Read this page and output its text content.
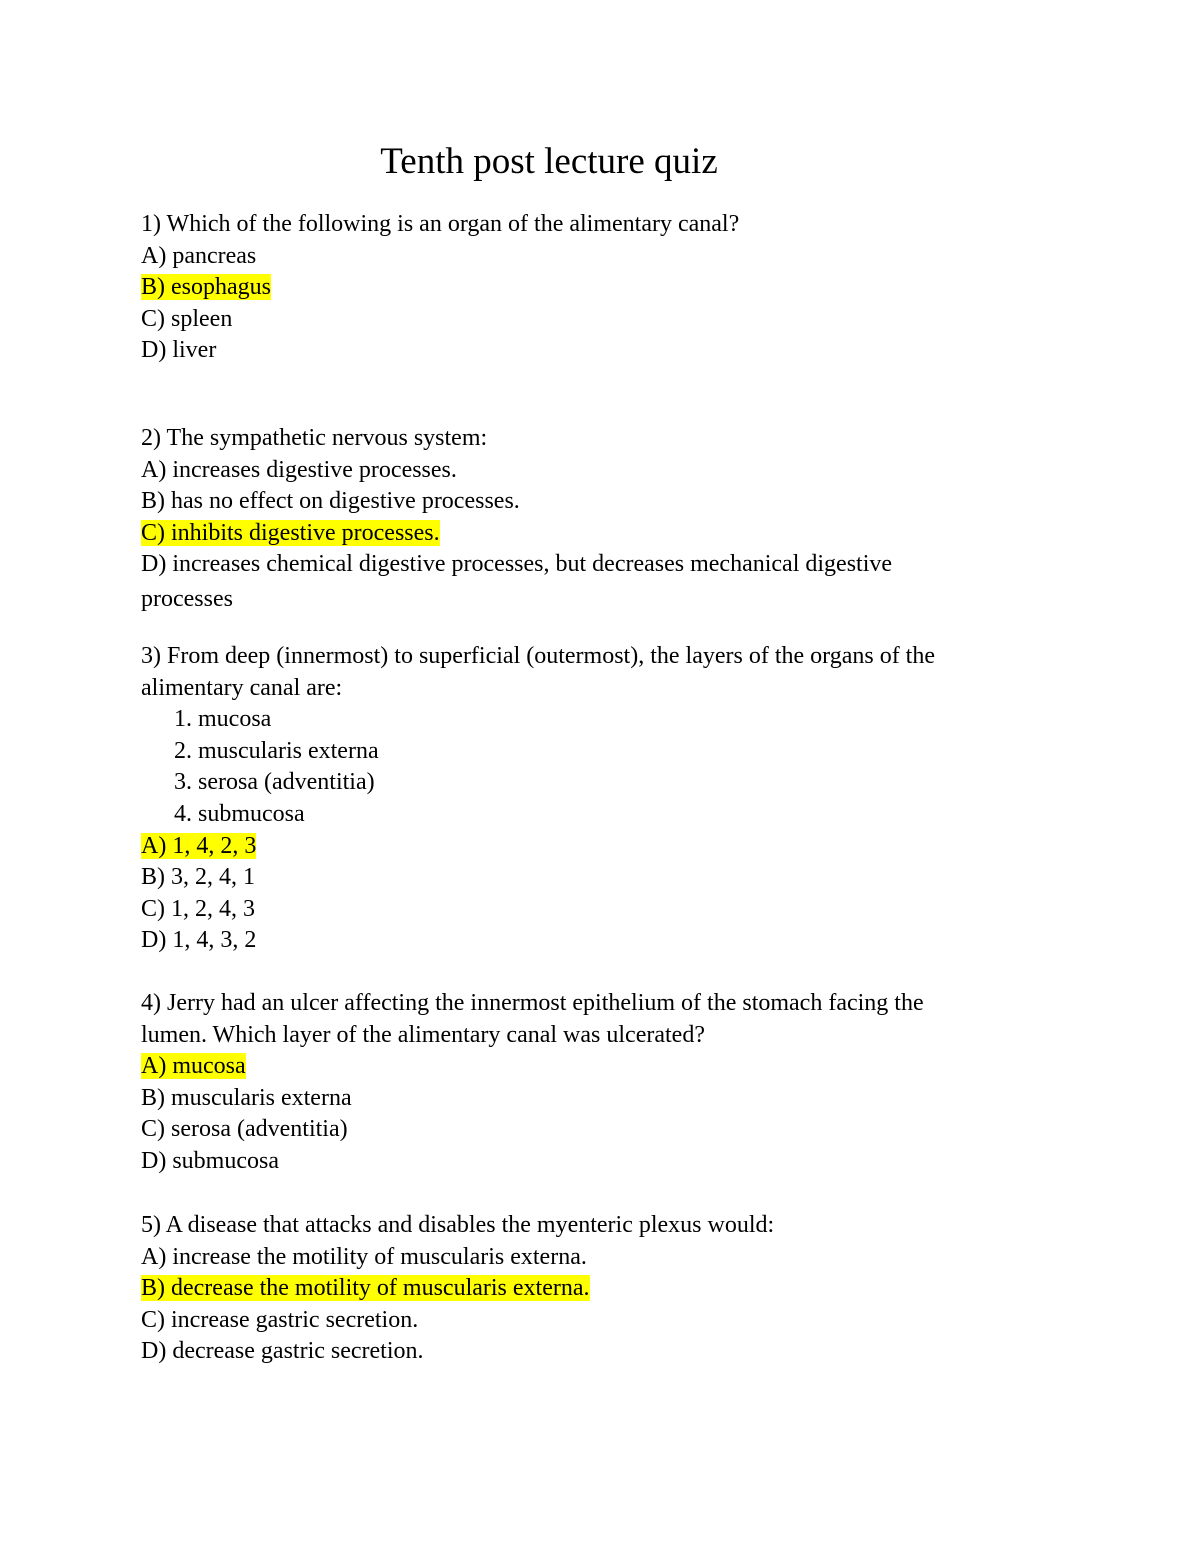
Tenth post lecture quiz
1) Which of the following is an organ of the alimentary canal?
A) pancreas
B) esophagus
C) spleen
D) liver
2) The sympathetic nervous system:
A) increases digestive processes.
B) has no effect on digestive processes.
C) inhibits digestive processes.
D) increases chemical digestive processes, but decreases mechanical digestive
processes
3) From deep (innermost) to superficial (outermost), the layers of the organs of the
alimentary canal are:
1. mucosa
2. muscularis externa
3. serosa (adventitia)
4. submucosa
A) 1, 4, 2, 3
B) 3, 2, 4, 1
C) 1, 2, 4, 3
D) 1, 4, 3, 2
4) Jerry had an ulcer affecting the innermost epithelium of the stomach facing the
lumen. Which layer of the alimentary canal was ulcerated?
A) mucosa
B) muscularis externa
C) serosa (adventitia)
D) submucosa
5) A disease that attacks and disables the myenteric plexus would:
A) increase the motility of muscularis externa.
B) decrease the motility of muscularis externa.
C) increase gastric secretion.
D) decrease gastric secretion.
